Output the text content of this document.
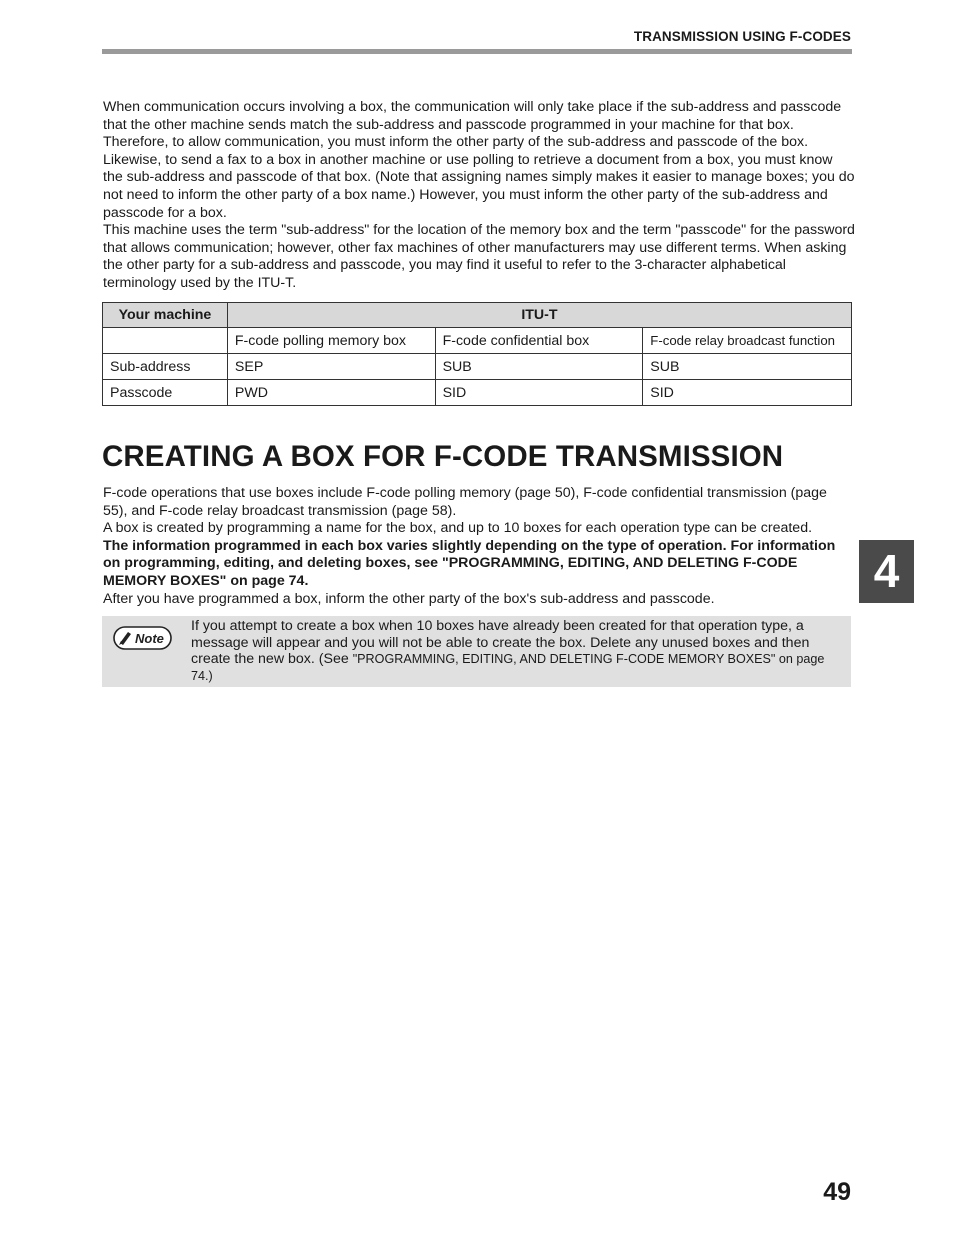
TRANSMISSION USING F-CODES

When communication occurs involving a box, the communication will only take place if the sub-address and passcode that the other machine sends match the sub-address and passcode programmed in your machine for that box. Therefore, to allow communication, you must inform the other party of the sub-address and passcode of the box. Likewise, to send a fax to a box in another machine or use polling to retrieve a document from a box, you must know the sub-address and passcode of that box. (Note that assigning names simply makes it easier to manage boxes; you do not need to inform the other party of a box name.) However, you must inform the other party of the sub-address and passcode for a box.

This machine uses the term "sub-address" for the location of the memory box and the term "passcode" for the password that allows communication; however, other fax machines of other manufacturers may use different terms. When asking the other party for a sub-address and passcode, you may find it useful to refer to the 3-character alphabetical terminology used by the ITU-T.

Your machine	ITU-T		
	F-code polling memory box	F-code confidential box	F-code relay broadcast function
Sub-address	SEP	SUB	SUB
Passcode	PWD	SID	SID
CREATING A BOX FOR F-CODE TRANSMISSION

F-code operations that use boxes include F-code polling memory (page 50), F-code confidential transmission (page 55), and F-code relay broadcast transmission (page 58).

A box is created by programming a name for the box, and up to 10 boxes for each operation type can be created.

The information programmed in each box varies slightly depending on the type of operation. For information on programming, editing, and deleting boxes, see "PROGRAMMING, EDITING, AND DELETING F-CODE MEMORY BOXES" on page 74.

After you have programmed a box, inform the other party of the box's sub-address and passcode.

Note
If you attempt to create a box when 10 boxes have already been created for that operation type, a message will appear and you will not be able to create the box. Delete any unused boxes and then create the new box. (See "PROGRAMMING, EDITING, AND DELETING F-CODE MEMORY BOXES" on page 74.)
4
49
